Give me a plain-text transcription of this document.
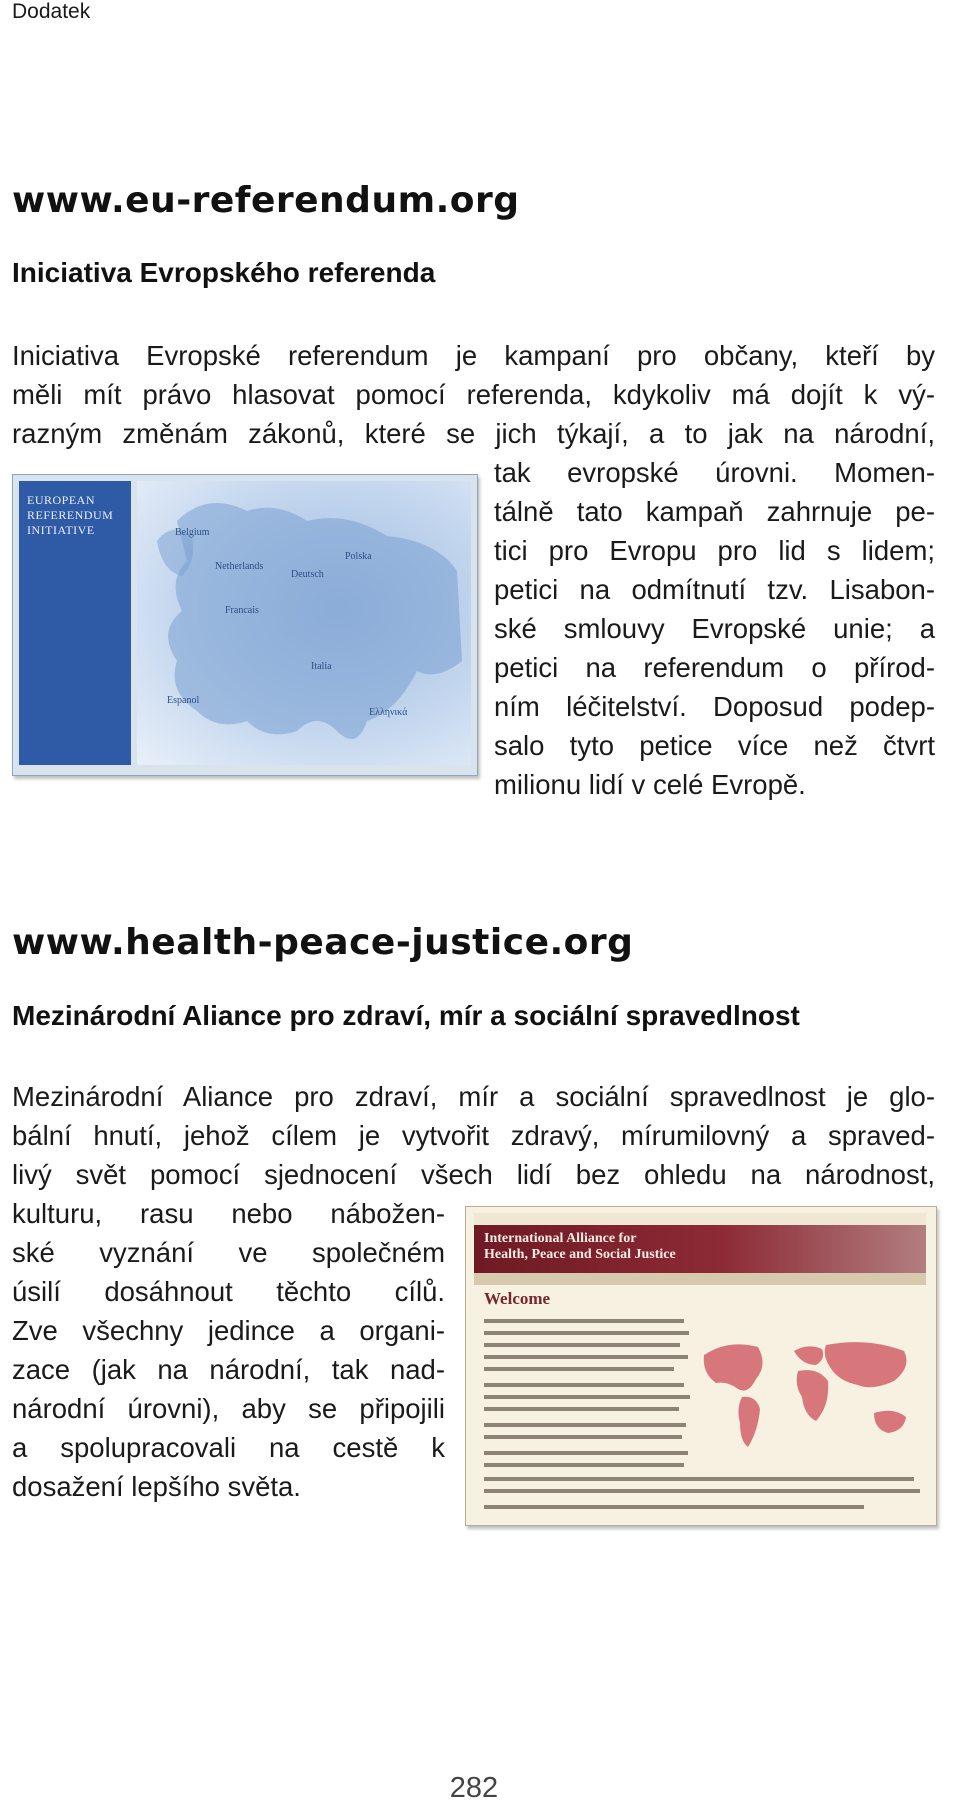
Dodatek
www.eu-referendum.org
Iniciativa Evropského referenda

Iniciativa Evropské referendum je kampaní pro občany, kteří by

měli mít právo hlasovat pomocí referenda, kdykoliv má dojít k vý-

razným změnám zákonů, které se jich týkají, a to jak na národní,

tak evropské úrovni. Momen-

tálně tato kampaň zahrnuje pe-

tici pro Evropu pro lid s lidem;

petici na odmítnutí tzv. Lisabon-

ské smlouvy Evropské unie; a

petici na referendum o přírod-

ním léčitelství. Doposud podep-

salo tyto petice více než čtvrt

milionu lidí v celé Evropě.

EUROPEAN
REFERENDUM
INITIATIVE	Belgium
Netherlands
Deutsch
Polska
Francais
Italia
Espanol
Ελληνικά
www.health-peace-justice.org
Mezinárodní Aliance pro zdraví, mír a sociální spravedlnost

Mezinárodní Aliance pro zdraví, mír a sociální spravedlnost je glo-

bální hnutí, jehož cílem je vytvořit zdravý, mírumilovný a spraved-

livý svět pomocí sjednocení všech lidí bez ohledu na národnost,

kulturu, rasu nebo nábožen-

ské vyznání ve společném

úsilí dosáhnout těchto cílů.

Zve všechny jedince a organi-

zace (jak na národní, tak nad-

národní úrovni), aby se připojili

a spolupracovali na cestě k

dosažení lepšího světa.

International Alliance for
Health, Peace and Social Justice
Welcome
282
